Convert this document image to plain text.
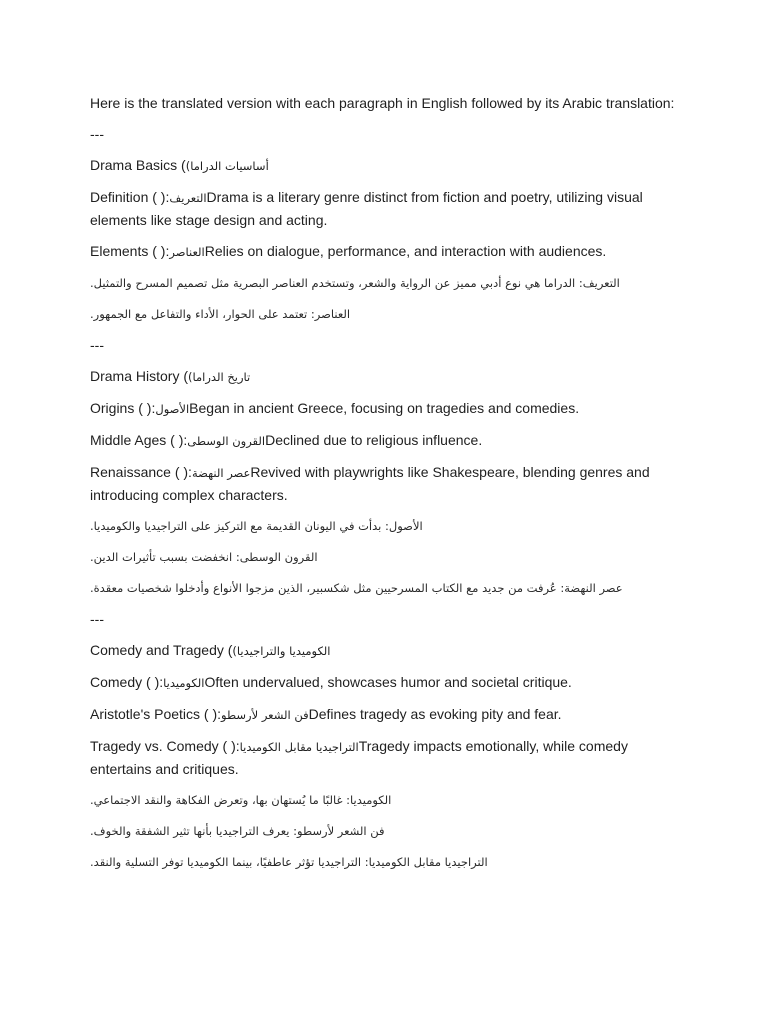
Here is the translated version with each paragraph in English followed by its Arabic translation:

---

Drama Basics ((أساسيات الدراما

Definition ( ):التعريفDrama is a literary genre distinct from fiction and poetry, utilizing visual elements like stage design and acting.

Elements ( ):العناصرRelies on dialogue, performance, and interaction with audiences.

التعريف: الدراما هي نوع أدبي مميز عن الرواية والشعر، وتستخدم العناصر البصرية مثل تصميم المسرح والتمثيل.

العناصر: تعتمد على الحوار، الأداء والتفاعل مع الجمهور.

---

Drama History ((تاريخ الدراما

Origins ( ):الأصولBegan in ancient Greece, focusing on tragedies and comedies.

Middle Ages ( ):القرون الوسطىDeclined due to religious influence.

Renaissance ( ):عصر النهضةRevived with playwrights like Shakespeare, blending genres and introducing complex characters.

الأصول: بدأت في اليونان القديمة مع التركيز على التراجيديا والكوميديا.

القرون الوسطى: انخفضت بسبب تأثيرات الدين.

عصر النهضة: عُرفت من جديد مع الكتاب المسرحيين مثل شكسبير، الذين مزجوا الأنواع وأدخلوا شخصيات معقدة.

---

Comedy and Tragedy ((الكوميديا والتراجيديا

Comedy ( ):الكوميدياOften undervalued, showcases humor and societal critique.

Aristotle's Poetics ( ):فن الشعر لأرسطوDefines tragedy as evoking pity and fear.

Tragedy vs. Comedy ( ):التراجيديا مقابل الكوميدياTragedy impacts emotionally, while comedy entertains and critiques.

الكوميديا: غالبًا ما يُستهان بها، وتعرض الفكاهة والنقد الاجتماعي.

فن الشعر لأرسطو: يعرف التراجيديا بأنها تثير الشفقة والخوف.

التراجيديا مقابل الكوميديا: التراجيديا تؤثر عاطفيًا، بينما الكوميديا توفر التسلية والنقد.
